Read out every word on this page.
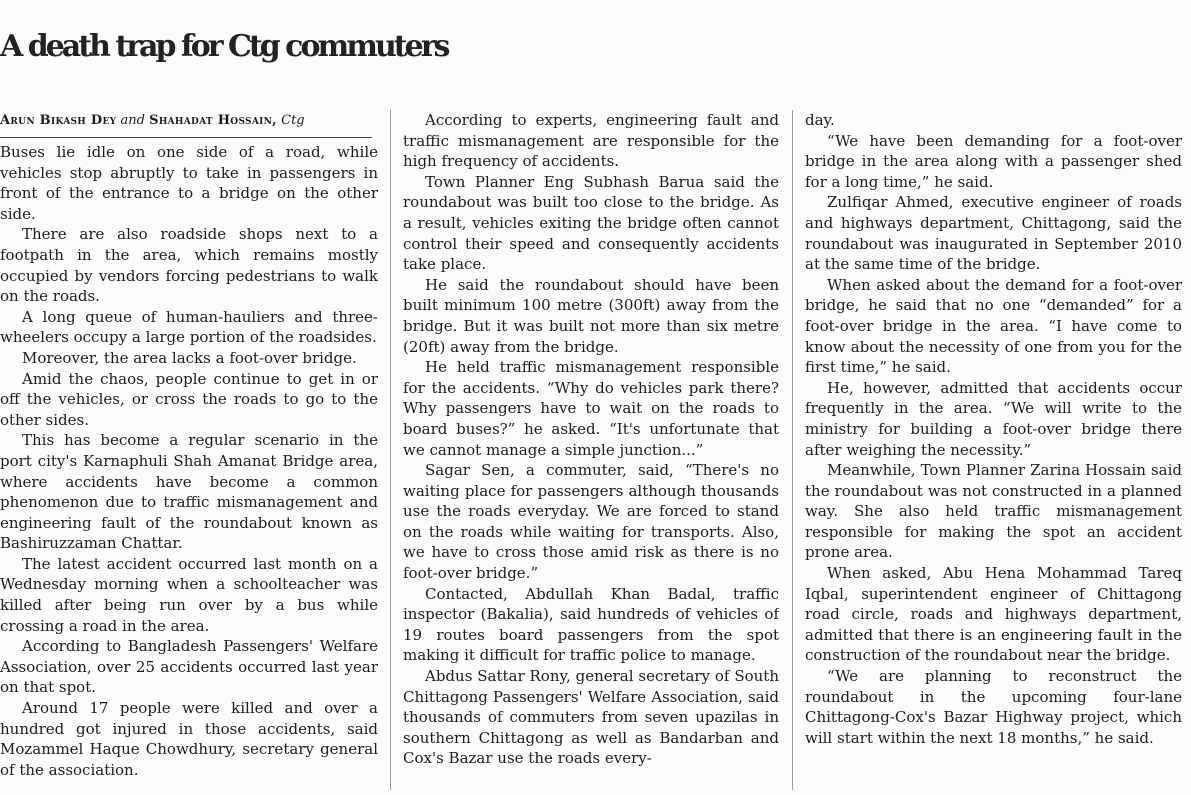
A death trap for Ctg commuters
Arun Bikash Dey and Shahadat Hossain, Ctg

Buses lie idle on one side of a road, while vehicles stop abruptly to take in passengers in front of the entrance to a bridge on the other side.

There are also roadside shops next to a footpath in the area, which remains mostly occupied by vendors forcing pedestrians to walk on the roads.

A long queue of human-hauliers and three-wheelers occupy a large portion of the roadsides.

Moreover, the area lacks a foot-over bridge.

Amid the chaos, people continue to get in or off the vehicles, or cross the roads to go to the other sides.

This has become a regular scenario in the port city's Karnaphuli Shah Amanat Bridge area, where accidents have become a common phenomenon due to traffic mismanagement and engineering fault of the roundabout known as Bashiruzzaman Chattar.

The latest accident occurred last month on a Wednesday morning when a schoolteacher was killed after being run over by a bus while crossing a road in the area.

According to Bangladesh Passengers' Welfare Association, over 25 accidents occurred last year on that spot.

Around 17 people were killed and over a hundred got injured in those accidents, said Mozammel Haque Chowdhury, secretary general of the association.

According to experts, engineering fault and traffic mismanagement are responsible for the high frequency of accidents.

Town Planner Eng Subhash Barua said the roundabout was built too close to the bridge. As a result, vehicles exiting the bridge often cannot control their speed and consequently accidents take place.

He said the roundabout should have been built minimum 100 metre (300ft) away from the bridge. But it was built not more than six metre (20ft) away from the bridge.

He held traffic mismanagement responsible for the accidents. “Why do vehicles park there? Why passengers have to wait on the roads to board buses?” he asked. “It's unfortunate that we cannot manage a simple junction...”

Sagar Sen, a commuter, said, “There's no waiting place for passengers although thousands use the roads everyday. We are forced to stand on the roads while waiting for transports. Also, we have to cross those amid risk as there is no foot-over bridge.”

Contacted, Abdullah Khan Badal, traffic inspector (Bakalia), said hundreds of vehicles of 19 routes board passengers from the spot making it difficult for traffic police to manage.

Abdus Sattar Rony, general secretary of South Chittagong Passengers' Welfare Association, said thousands of commuters from seven upazilas in southern Chittagong as well as Bandarban and Cox's Bazar use the roads every-

day.

“We have been demanding for a foot-over bridge in the area along with a passenger shed for a long time,” he said.

Zulfiqar Ahmed, executive engineer of roads and highways department, Chittagong, said the roundabout was inaugurated in September 2010 at the same time of the bridge.

When asked about the demand for a foot-over bridge, he said that no one “demanded” for a foot-over bridge in the area. “I have come to know about the necessity of one from you for the first time,” he said.

He, however, admitted that accidents occur frequently in the area. “We will write to the ministry for building a foot-over bridge there after weighing the necessity.”

Meanwhile, Town Planner Zarina Hossain said the roundabout was not constructed in a planned way. She also held traffic mismanagement responsible for making the spot an accident prone area.

When asked, Abu Hena Mohammad Tareq Iqbal, superintendent engineer of Chittagong road circle, roads and highways department, admitted that there is an engineering fault in the construction of the roundabout near the bridge.

“We are planning to reconstruct the roundabout in the upcoming four-lane Chittagong-Cox's Bazar Highway project, which will start within the next 18 months,” he said.
